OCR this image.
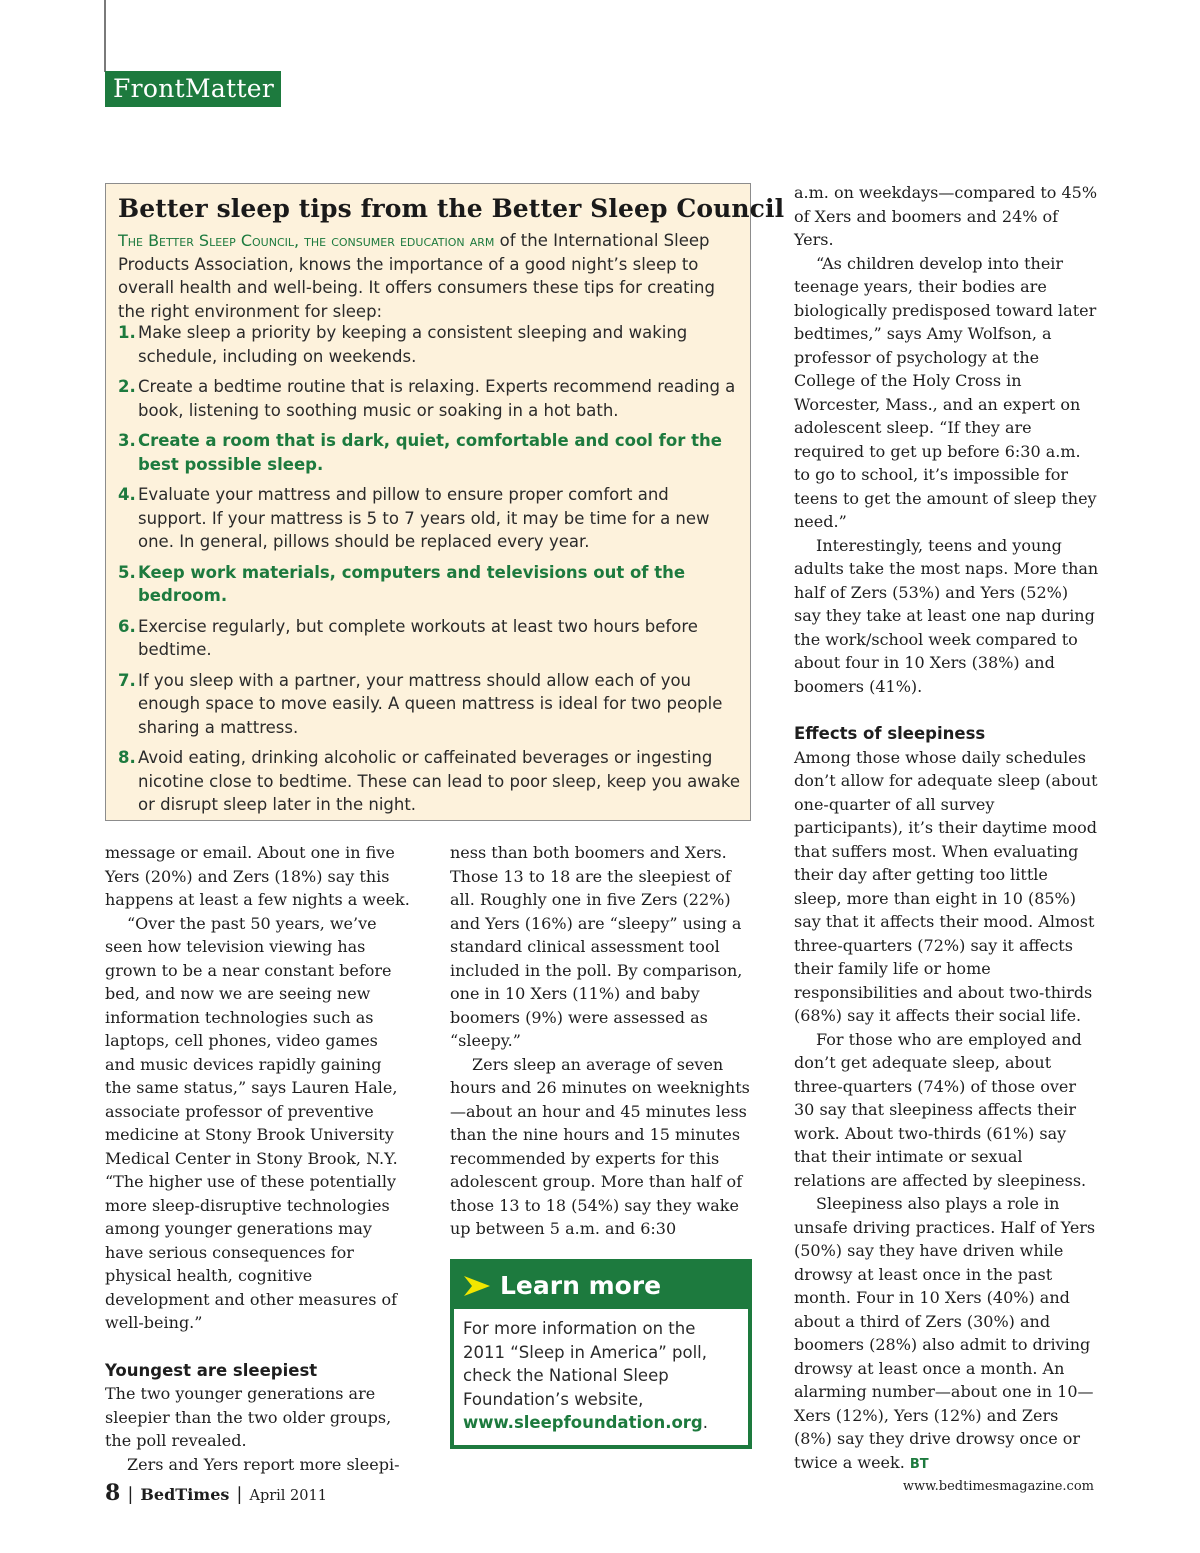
FrontMatter
Better sleep tips from the Better Sleep Council
The Better Sleep Council, the consumer education arm of the International Sleep Products Association, knows the importance of a good night’s sleep to overall health and well-being. It offers consumers these tips for creating the right environment for sleep:
1. Make sleep a priority by keeping a consistent sleeping and waking schedule, including on weekends.
2. Create a bedtime routine that is relaxing. Experts recommend reading a book, listening to soothing music or soaking in a hot bath.
3. Create a room that is dark, quiet, comfortable and cool for the best possible sleep.
4. Evaluate your mattress and pillow to ensure proper comfort and support. If your mattress is 5 to 7 years old, it may be time for a new one. In general, pillows should be replaced every year.
5. Keep work materials, computers and televisions out of the bedroom.
6. Exercise regularly, but complete workouts at least two hours before bedtime.
7. If you sleep with a partner, your mattress should allow each of you enough space to move easily. A queen mattress is ideal for two people sharing a mattress.
8. Avoid eating, drinking alcoholic or caffeinated beverages or ingesting nicotine close to bedtime. These can lead to poor sleep, keep you awake or disrupt sleep later in the night.

message or email. About one in five Yers (20%) and Zers (18%) say this happens at least a few nights a week.

“Over the past 50 years, we’ve seen how television viewing has grown to be a near constant before bed, and now we are seeing new information technologies such as laptops, cell phones, video games and music devices rapidly gaining the same status,” says Lauren Hale, associate professor of preventive medicine at Stony Brook University Medical Center in Stony Brook, N.Y. “The higher use of these potentially more sleep-disruptive technologies among younger generations may have serious consequences for physical health, cognitive development and other measures of well-being.”

Youngest are sleepiest

The two younger generations are sleepier than the two older groups, the poll revealed.

Zers and Yers report more sleepi-

ness than both boomers and Xers. Those 13 to 18 are the sleepiest of all. Roughly one in five Zers (22%) and Yers (16%) are “sleepy” using a standard clinical assessment tool included in the poll. By comparison, one in 10 Xers (11%) and baby boomers (9%) were assessed as “sleepy.”

Zers sleep an average of seven hours and 26 minutes on weeknights—about an hour and 45 minutes less than the nine hours and 15 minutes recommended by experts for this adolescent group. More than half of those 13 to 18 (54%) say they wake up between 5 a.m. and 6:30

Learn more
For more information on the 2011 “Sleep in America” poll, check the National Sleep Foundation’s website, www.sleepfoundation.org.

a.m. on weekdays—compared to 45% of Xers and boomers and 24% of Yers.

“As children develop into their teenage years, their bodies are biologically predisposed toward later bedtimes,” says Amy Wolfson, a professor of psychology at the College of the Holy Cross in Worcester, Mass., and an expert on adolescent sleep. “If they are required to get up before 6:30 a.m. to go to school, it’s impossible for teens to get the amount of sleep they need.”

Interestingly, teens and young adults take the most naps. More than half of Zers (53%) and Yers (52%) say they take at least one nap during the work/school week compared to about four in 10 Xers (38%) and boomers (41%).

Effects of sleepiness

Among those whose daily schedules don’t allow for adequate sleep (about one-quarter of all survey participants), it’s their daytime mood that suffers most. When evaluating their day after getting too little sleep, more than eight in 10 (85%) say that it affects their mood. Almost three-quarters (72%) say it affects their family life or home responsibilities and about two-thirds (68%) say it affects their social life.

For those who are employed and don’t get adequate sleep, about three-quarters (74%) of those over 30 say that sleepiness affects their work. About two-thirds (61%) say that their intimate or sexual relations are affected by sleepiness.

Sleepiness also plays a role in unsafe driving practices. Half of Yers (50%) say they have driven while drowsy at least once in the past month. Four in 10 Xers (40%) and about a third of Zers (30%) and boomers (28%) also admit to driving drowsy at least once a month. An alarming number—about one in 10—Xers (12%), Yers (12%) and Zers (8%) say they drive drowsy once or twice a week. BT

8 | BedTimes | April 2011
www.bedtimesmagazine.com
